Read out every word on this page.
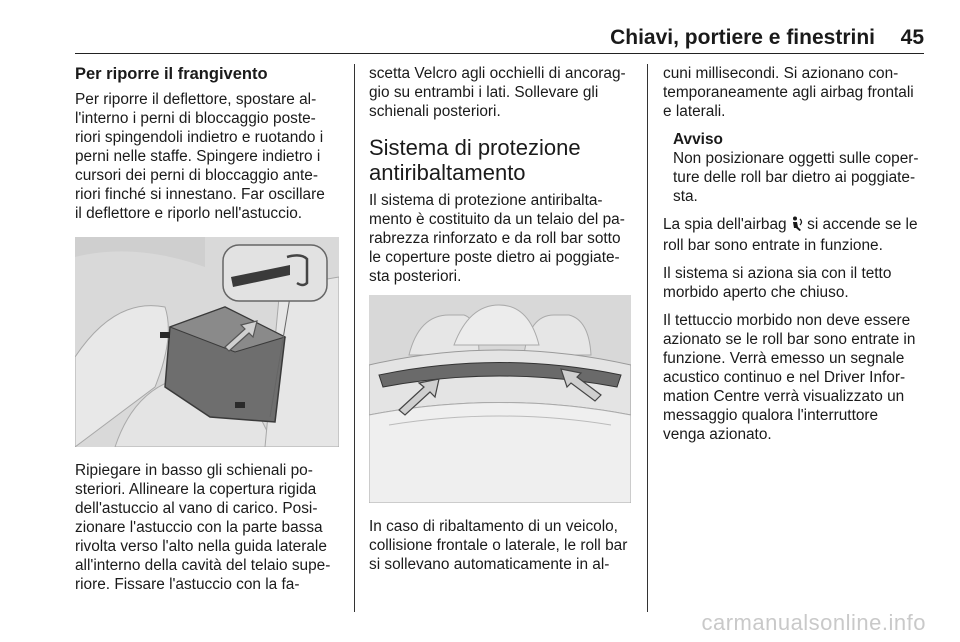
Chiavi, portiere e finestrini 45
Per riporre il frangivento

Per riporre il deflettore, spostare al-
l'interno i perni di bloccaggio poste-
riori spingendoli indietro e ruotando i
perni nelle staffe. Spingere indietro i
cursori dei perni di bloccaggio ante-
riori finché si innestano. Far oscillare
il deflettore e riporlo nell'astuccio.

Ripiegare in basso gli schienali po-
steriori. Allineare la copertura rigida
dell'astuccio al vano di carico. Posi-
zionare l'astuccio con la parte bassa
rivolta verso l'alto nella guida laterale
all'interno della cavità del telaio supe-
riore. Fissare l'astuccio con la fa-

scetta Velcro agli occhielli di ancorag-
gio su entrambi i lati. Sollevare gli
schienali posteriori.

Sistema di protezione
antiribaltamento

Il sistema di protezione antiribalta-
mento è costituito da un telaio del pa-
rabrezza rinforzato e da roll bar sotto
le coperture poste dietro ai poggiate-
sta posteriori.

In caso di ribaltamento di un veicolo,
collisione frontale o laterale, le roll bar
si sollevano automaticamente in al-

cuni millisecondi. Si azionano con-
temporaneamente agli airbag frontali
e laterali.

Avviso
Non posizionare oggetti sulle coper-
ture delle roll bar dietro ai poggiate-
sta.

La spia dell'airbag  si accende se le
roll bar sono entrate in funzione.

Il sistema si aziona sia con il tetto
morbido aperto che chiuso.

Il tettuccio morbido non deve essere
azionato se le roll bar sono entrate in
funzione. Verrà emesso un segnale
acustico continuo e nel Driver Infor-
mation Centre verrà visualizzato un
messaggio qualora l'interruttore
venga azionato.

carmanualsonline.info
